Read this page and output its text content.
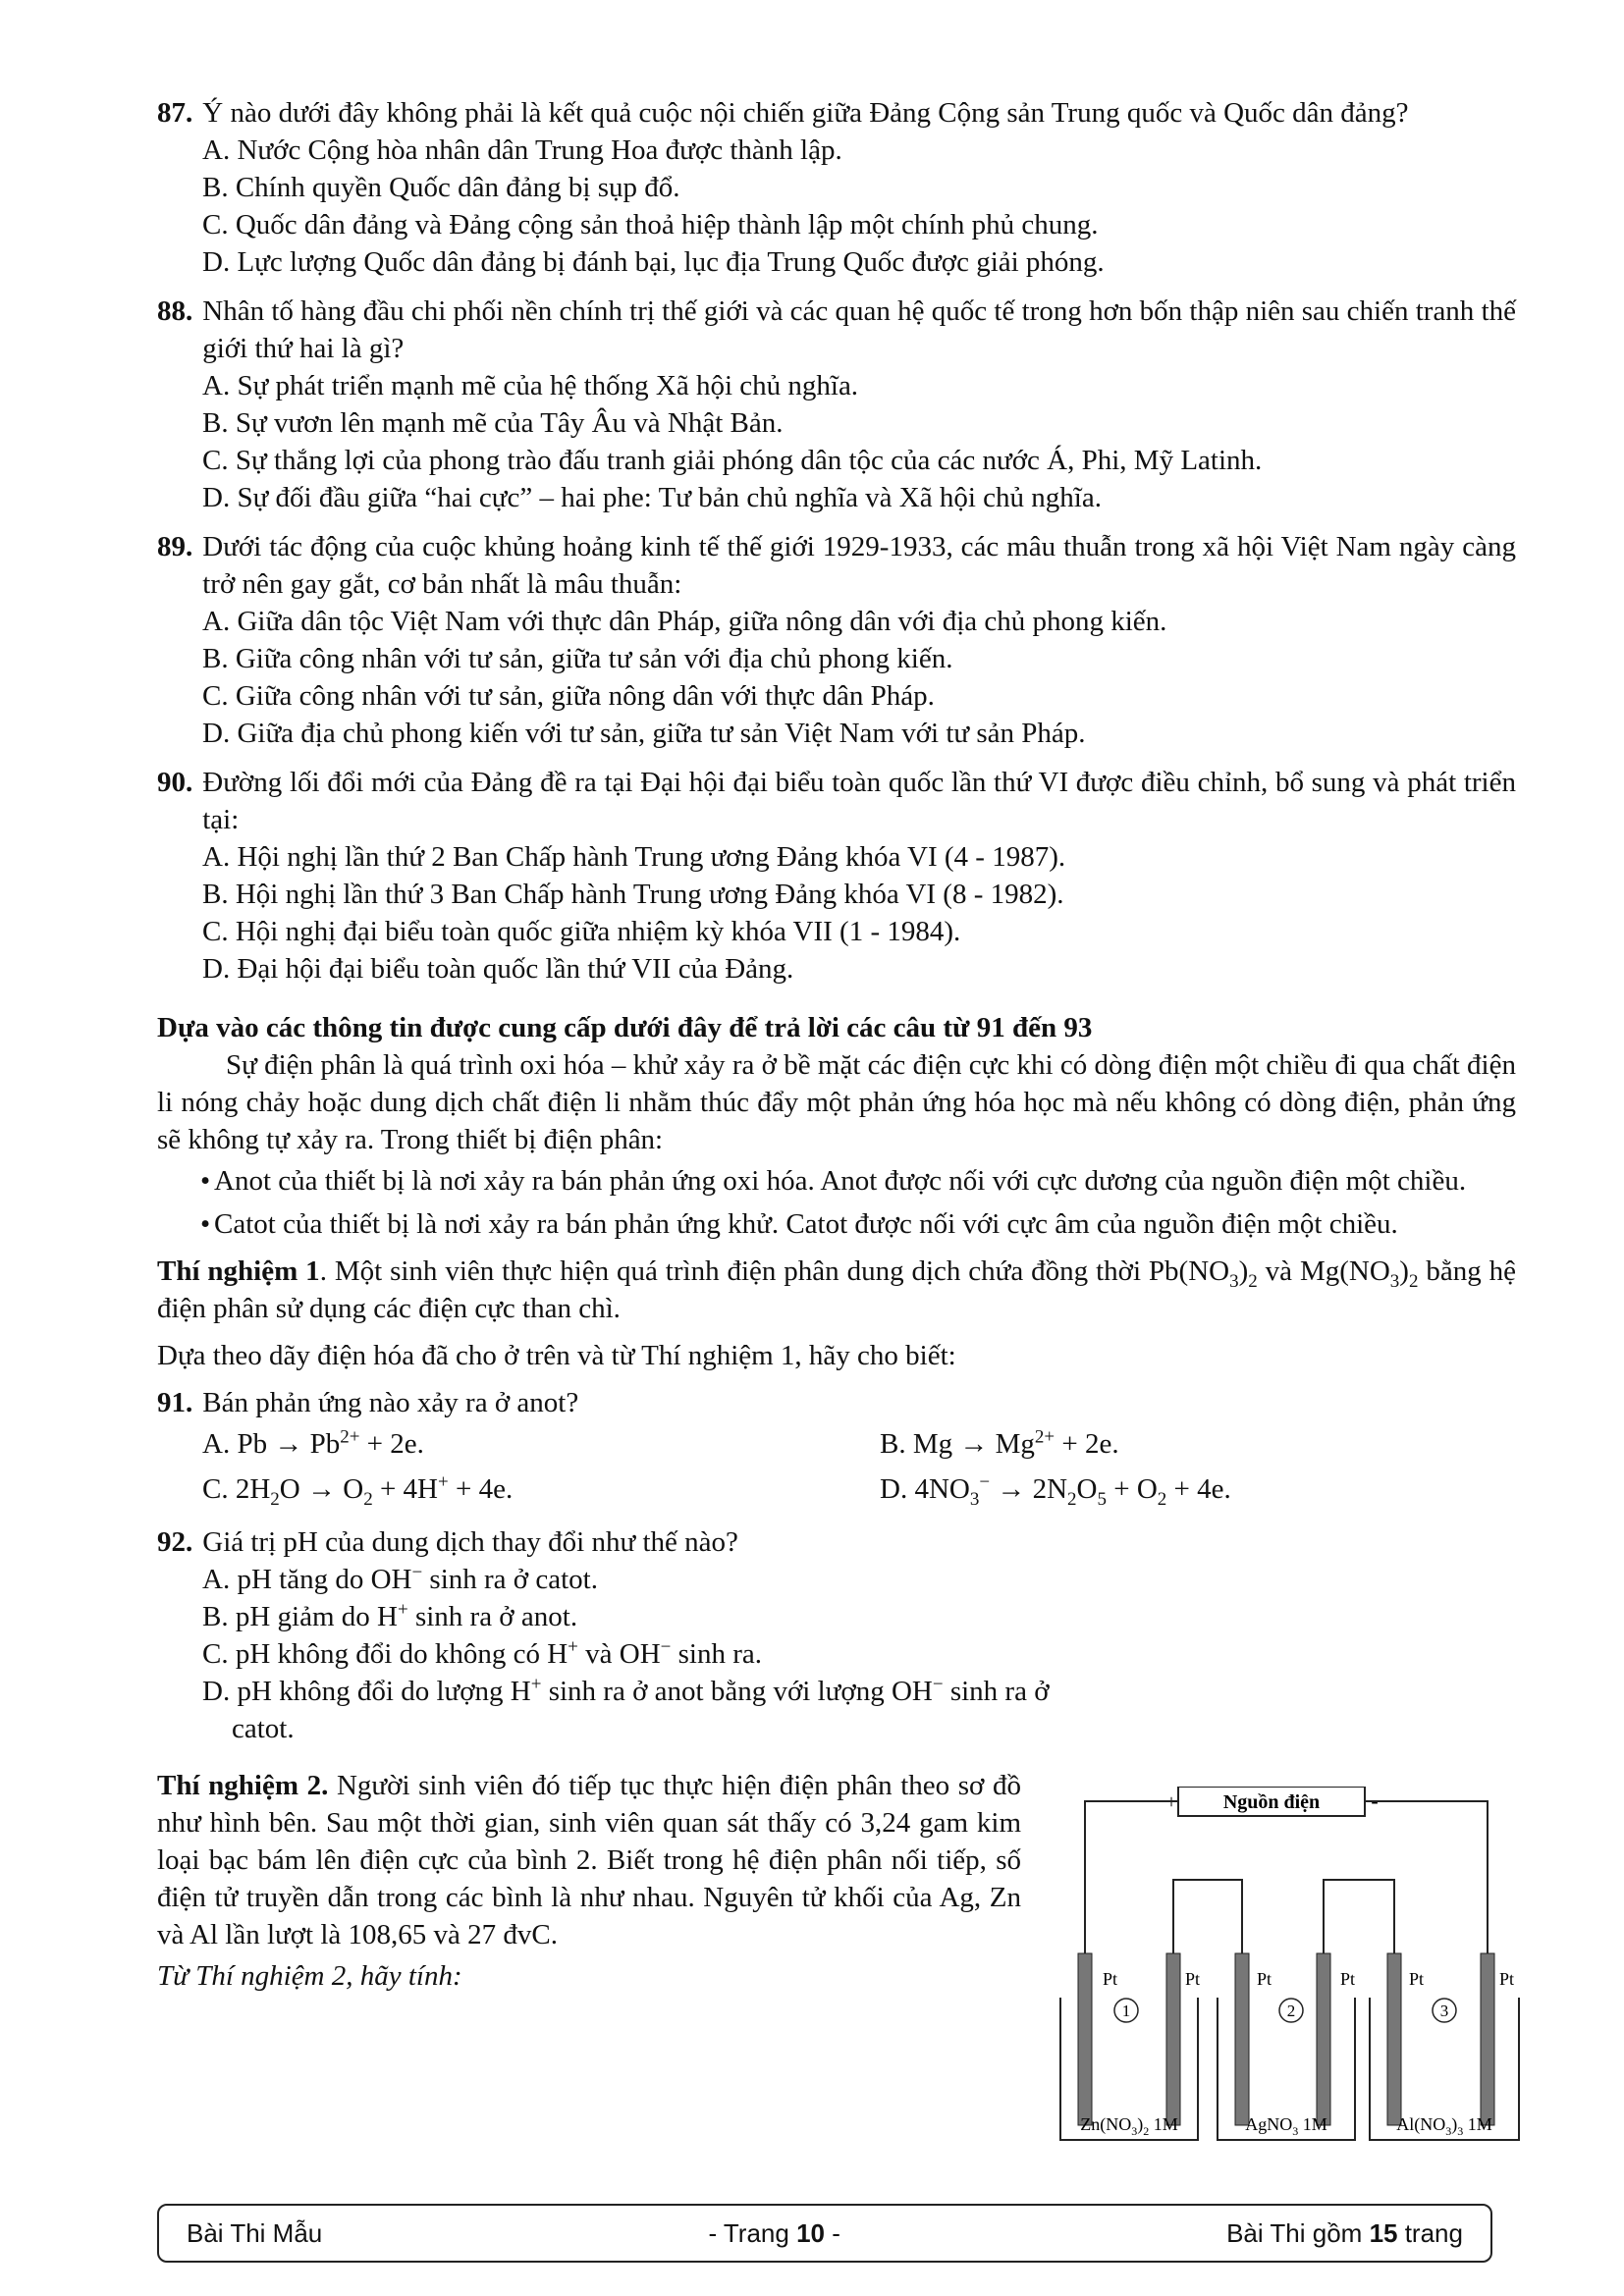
87. Ý nào dưới đây không phải là kết quả cuộc nội chiến giữa Đảng Cộng sản Trung quốc và Quốc dân đảng?
A. Nước Cộng hòa nhân dân Trung Hoa được thành lập.
B. Chính quyền Quốc dân đảng bị sụp đổ.
C. Quốc dân đảng và Đảng cộng sản thoả hiệp thành lập một chính phủ chung.
D. Lực lượng Quốc dân đảng bị đánh bại, lục địa Trung Quốc được giải phóng.
88. Nhân tố hàng đầu chi phối nền chính trị thế giới và các quan hệ quốc tế trong hơn bốn thập niên sau chiến tranh thế giới thứ hai là gì?
A. Sự phát triển mạnh mẽ của hệ thống Xã hội chủ nghĩa.
B. Sự vươn lên mạnh mẽ của Tây Âu và Nhật Bản.
C. Sự thắng lợi của phong trào đấu tranh giải phóng dân tộc của các nước Á, Phi, Mỹ Latinh.
D. Sự đối đầu giữa “hai cực” – hai phe: Tư bản chủ nghĩa và Xã hội chủ nghĩa.
89. Dưới tác động của cuộc khủng hoảng kinh tế thế giới 1929-1933, các mâu thuẫn trong xã hội Việt Nam ngày càng trở nên gay gắt, cơ bản nhất là mâu thuẫn:
A. Giữa dân tộc Việt Nam với thực dân Pháp, giữa nông dân với địa chủ phong kiến.
B. Giữa công nhân với tư sản, giữa tư sản với địa chủ phong kiến.
C. Giữa công nhân với tư sản, giữa nông dân với thực dân Pháp.
D. Giữa địa chủ phong kiến với tư sản, giữa tư sản Việt Nam với tư sản Pháp.
90. Đường lối đổi mới của Đảng đề ra tại Đại hội đại biểu toàn quốc lần thứ VI được điều chỉnh, bổ sung và phát triển tại:
A. Hội nghị lần thứ 2 Ban Chấp hành Trung ương Đảng khóa VI (4 - 1987).
B. Hội nghị lần thứ 3 Ban Chấp hành Trung ương Đảng khóa VI (8 - 1982).
C. Hội nghị đại biểu toàn quốc giữa nhiệm kỳ khóa VII (1 - 1984).
D. Đại hội đại biểu toàn quốc lần thứ VII của Đảng.
Dựa vào các thông tin được cung cấp dưới đây để trả lời các câu từ 91 đến 93
Sự điện phân là quá trình oxi hóa – khử xảy ra ở bề mặt các điện cực khi có dòng điện một chiều đi qua chất điện li nóng chảy hoặc dung dịch chất điện li nhằm thúc đẩy một phản ứng hóa học mà nếu không có dòng điện, phản ứng sẽ không tự xảy ra. Trong thiết bị điện phân:
• Anot của thiết bị là nơi xảy ra bán phản ứng oxi hóa. Anot được nối với cực dương của nguồn điện một chiều.
• Catot của thiết bị là nơi xảy ra bán phản ứng khử. Catot được nối với cực âm của nguồn điện một chiều.
Thí nghiệm 1. Một sinh viên thực hiện quá trình điện phân dung dịch chứa đồng thời $Pb(NO_3)_2$ và $Mg(NO_3)_2$ bằng hệ điện phân sử dụng các điện cực than chì.
Dựa theo dãy điện hóa đã cho ở trên và từ Thí nghiệm 1, hãy cho biết:
91. Bán phản ứng nào xảy ra ở anot?
A. $Pb \to Pb^{2+} + 2e$.	B. $Mg \to Mg^{2+} + 2e$.
C. $2H_2O \to O_2 + 4H^+ + 4e$.	D. $4NO_3^- \to 2N_2O_5 + O_2 + 4e$.
92. Giá trị pH của dung dịch thay đổi như thế nào?
A. pH tăng do OH− sinh ra ở catot.
B. pH giảm do H+ sinh ra ở anot.
C. pH không đổi do không có H+ và OH− sinh ra.
D. pH không đổi do lượng H+ sinh ra ở anot bằng với lượng OH− sinh ra ở catot.
Thí nghiệm 2. Người sinh viên đó tiếp tục thực hiện điện phân theo sơ đồ như hình bên. Sau một thời gian, sinh viên quan sát thấy có 3,24 gam kim loại bạc bám lên điện cực của bình 2. Biết trong hệ điện phân nối tiếp, số điện tử truyền dẫn trong các bình là như nhau. Nguyên tử khối của Ag, Zn và Al lần lượt là 108,65 và 27 đvC.
Từ Thí nghiệm 2, hãy tính:
Nguồn điện
+	-
Pt	Pt	Pt	Pt	Pt	Pt
1	2	3
$Zn(NO_3)_2$ 1M	AgNO$_3$ 1M	$Al(NO_3)_3$ 1M
Bài Thi Mẫu	- Trang 10 -	Bài Thi gồm 15 trang
